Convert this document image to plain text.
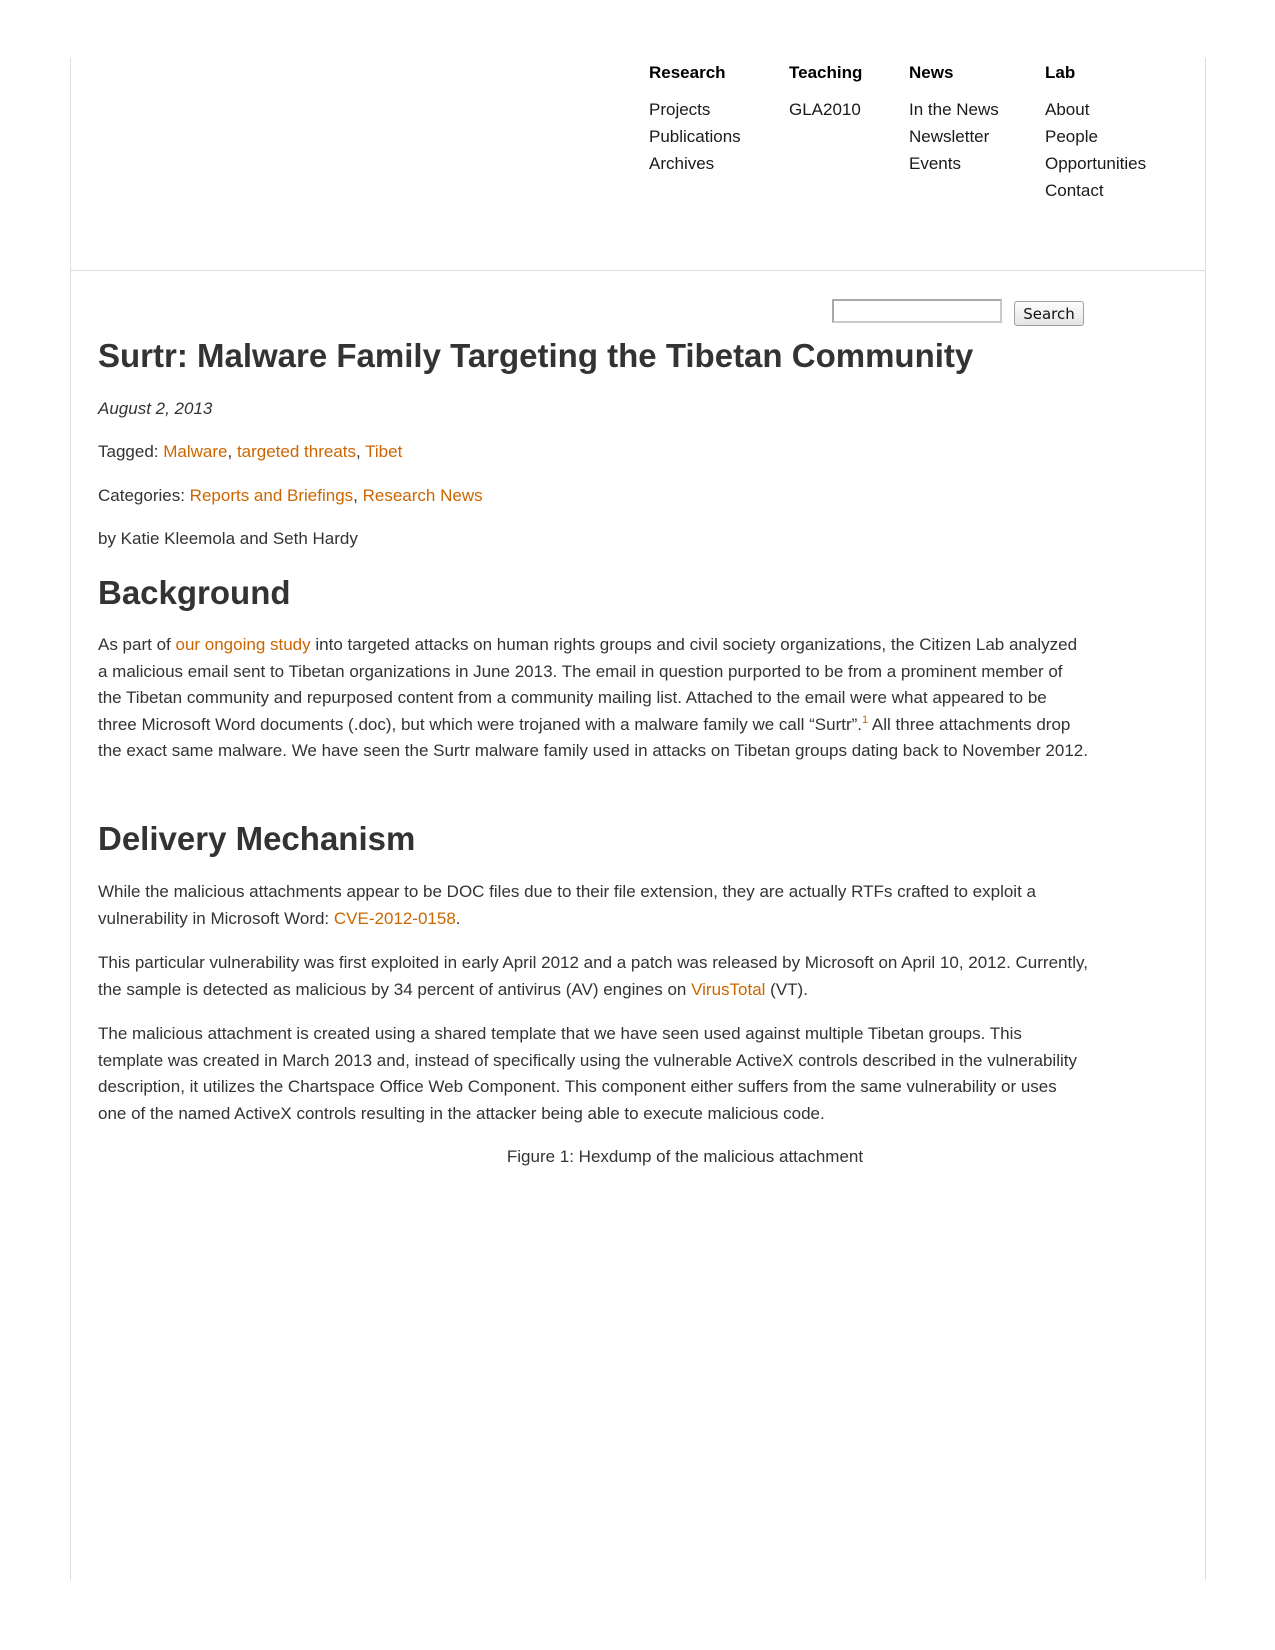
Research
Projects
Publications
Archives
Teaching
GLA2010
News
In the News
Newsletter
Events
Lab
About
People
Opportunities
Contact
Search
Surtr: Malware Family Targeting the Tibetan Community

August 2, 2013

Tagged: Malware, targeted threats, Tibet

Categories: Reports and Briefings, Research News

by Katie Kleemola and Seth Hardy

Background

As part of our ongoing study into targeted attacks on human rights groups and civil society organizations, the Citizen Lab analyzed a malicious email sent to Tibetan organizations in June 2013. The email in question purported to be from a prominent member of the Tibetan community and repurposed content from a community mailing list. Attached to the email were what appeared to be three Microsoft Word documents (.doc), but which were trojaned with a malware family we call “Surtr”.$^1$ All three attachments drop the exact same malware. We have seen the Surtr malware family used in attacks on Tibetan groups dating back to November 2012.

Delivery Mechanism

While the malicious attachments appear to be DOC files due to their file extension, they are actually RTFs crafted to exploit a vulnerability in Microsoft Word: CVE-2012-0158.

This particular vulnerability was first exploited in early April 2012 and a patch was released by Microsoft on April 10, 2012. Currently, the sample is detected as malicious by 34 percent of antivirus (AV) engines on VirusTotal (VT).

The malicious attachment is created using a shared template that we have seen used against multiple Tibetan groups. This template was created in March 2013 and, instead of specifically using the vulnerable ActiveX controls described in the vulnerability description, it utilizes the Chartspace Office Web Component. This component either suffers from the same vulnerability or uses one of the named ActiveX controls resulting in the attacker being able to execute malicious code.

Figure 1: Hexdump of the malicious attachment
